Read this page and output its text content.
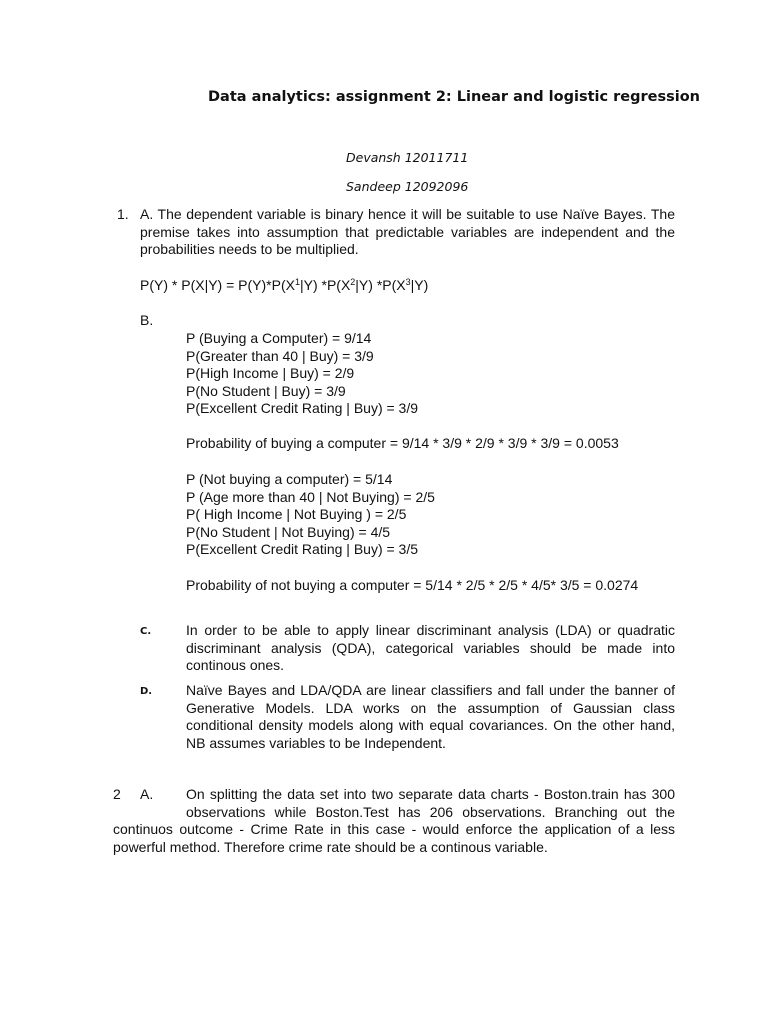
Data analytics: assignment 2: Linear and logistic regression
Devansh 12011711
Sandeep 12092096
1. A. The dependent variable is binary hence it will be suitable to use Naïve Bayes. The
premise takes into assumption that predictable variables are independent and the
probabilities needs to be multiplied.
$P(Y) * P(X|Y) = P(Y)*P(X^1|Y)$ $*P(X^2|Y)$ $*P(X^3|Y)$
B.
P (Buying a Computer) = 9/14
P(Greater than 40 | Buy) = 3/9
P(High Income | Buy) = 2/9
P(No Student | Buy) = 3/9
P(Excellent Credit Rating | Buy) = 3/9
Probability of buying a computer = 9/14 * 3/9 * 2/9 * 3/9 * 3/9 = 0.0053
P (Not buying a computer) = 5/14
P (Age more than 40 | Not Buying) = 2/5
P( High Income | Not Buying ) = 2/5
P(No Student | Not Buying) = 4/5
P(Excellent Credit Rating | Buy) = 3/5
Probability of not buying a computer = 5/14 * 2/5 * 2/5 * 4/5* 3/5 = 0.0274
C. In order to be able to apply linear discriminant analysis (LDA) or quadratic
discriminant analysis (QDA), categorical variables should be made into
continous ones.
D. Naïve Bayes and LDA/QDA are linear classifiers and fall under the banner of
Generative Models. LDA works on the assumption of Gaussian class
conditional density models along with equal covariances. On the other hand,
NB assumes variables to be Independent.
2 A. On splitting the data set into two separate data charts - Boston.train has 300
observations while Boston.Test has 206 observations. Branching out the
continuos outcome - Crime Rate in this case - would enforce the application of a less
powerful method. Therefore crime rate should be a continous variable.
